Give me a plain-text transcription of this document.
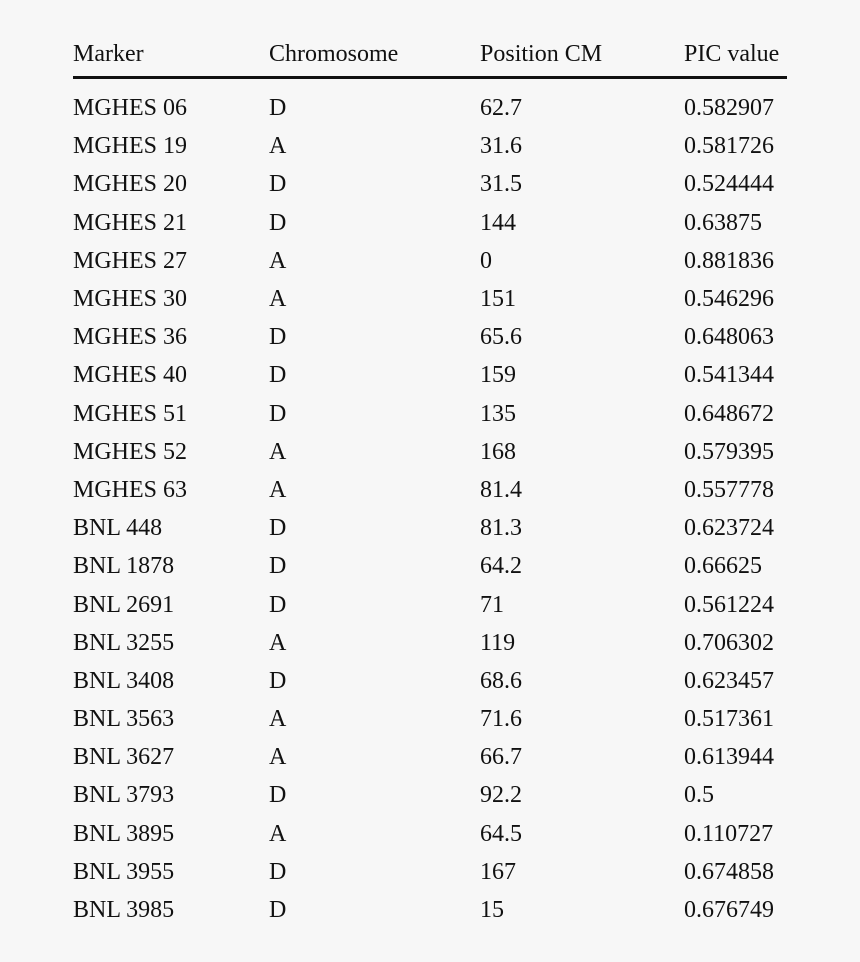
Marker	Chromosome	Position CM	PIC value
MGHES 06	D	62.7	0.582907
MGHES 19	A	31.6	0.581726
MGHES 20	D	31.5	0.524444
MGHES 21	D	144	0.63875
MGHES 27	A	0	0.881836
MGHES 30	A	151	0.546296
MGHES 36	D	65.6	0.648063
MGHES 40	D	159	0.541344
MGHES 51	D	135	0.648672
MGHES 52	A	168	0.579395
MGHES 63	A	81.4	0.557778
BNL 448	D	81.3	0.623724
BNL 1878	D	64.2	0.66625
BNL 2691	D	71	0.561224
BNL 3255	A	119	0.706302
BNL 3408	D	68.6	0.623457
BNL 3563	A	71.6	0.517361
BNL 3627	A	66.7	0.613944
BNL 3793	D	92.2	0.5
BNL 3895	A	64.5	0.110727
BNL 3955	D	167	0.674858
BNL 3985	D	15	0.676749
